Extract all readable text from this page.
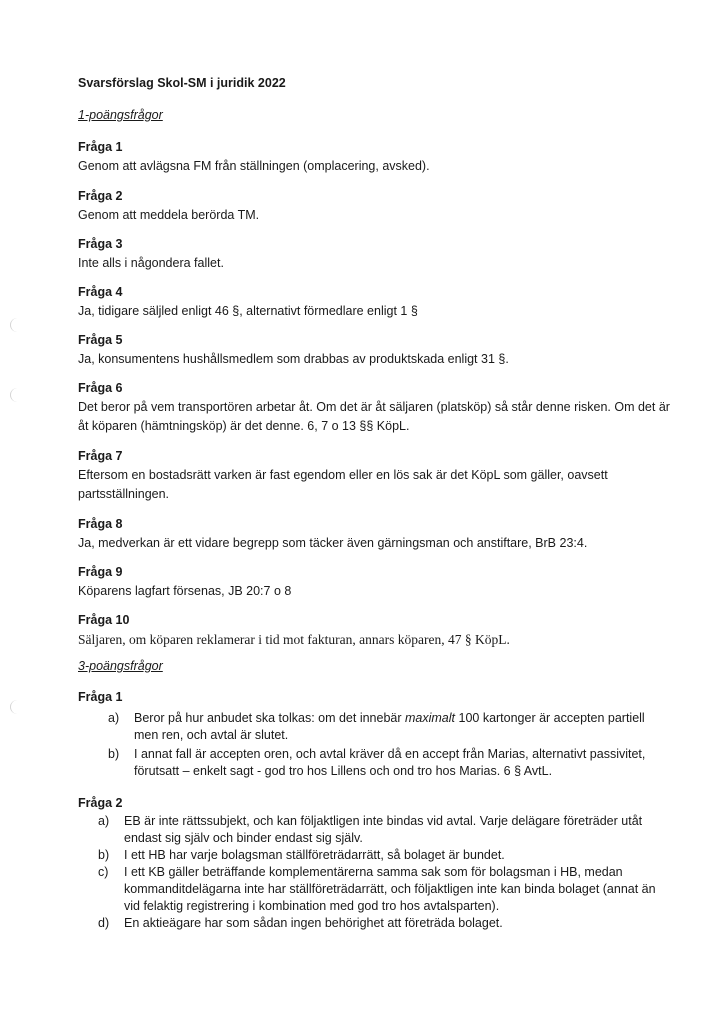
Svarsförslag Skol-SM i juridik 2022
1-poängsfrågor
Fråga 1
Genom att avlägsna FM från ställningen (omplacering, avsked).
Fråga 2
Genom att meddela berörda TM.
Fråga 3
Inte alls i någondera fallet.
Fråga 4
Ja, tidigare säljled enligt 46 §, alternativt förmedlare enligt 1 §
Fråga 5
Ja, konsumentens hushållsmedlem som drabbas av produktskada enligt 31 §.
Fråga 6
Det beror på vem transportören arbetar åt. Om det är åt säljaren (platsköp) så står denne risken. Om det är åt köparen (hämtningsköp) är det denne. 6, 7 o 13 §§ KöpL.
Fråga 7
Eftersom en bostadsrätt varken är fast egendom eller en lös sak är det KöpL som gäller, oavsett partsställningen.
Fråga 8
Ja, medverkan är ett vidare begrepp som täcker även gärningsman och anstiftare, BrB 23:4.
Fråga 9
Köparens lagfart försenas, JB 20:7 o 8
Fråga 10
Säljaren, om köparen reklamerar i tid mot fakturan, annars köparen, 47 § KöpL.
3-poängsfrågor
Fråga 1
a) Beror på hur anbudet ska tolkas: om det innebär maximalt 100 kartonger är accepten partiell men ren, och avtal är slutet.
b) I annat fall är accepten oren, och avtal kräver då en accept från Marias, alternativt passivitet, förutsatt – enkelt sagt - god tro hos Lillens och ond tro hos Marias. 6 § AvtL.
Fråga 2
a) EB är inte rättssubjekt, och kan följaktligen inte bindas vid avtal. Varje delägare företräder utåt endast sig själv och binder endast sig själv.
b) I ett HB har varje bolagsman ställföreträdarrätt, så bolaget är bundet.
c) I ett KB gäller beträffande komplementärerna samma sak som för bolagsman i HB, medan kommanditdelägarna inte har ställföreträdarrätt, och följaktligen inte kan binda bolaget (annat än vid felaktig registrering i kombination med god tro hos avtalsparten).
d) En aktieägare har som sådan ingen behörighet att företräda bolaget.
